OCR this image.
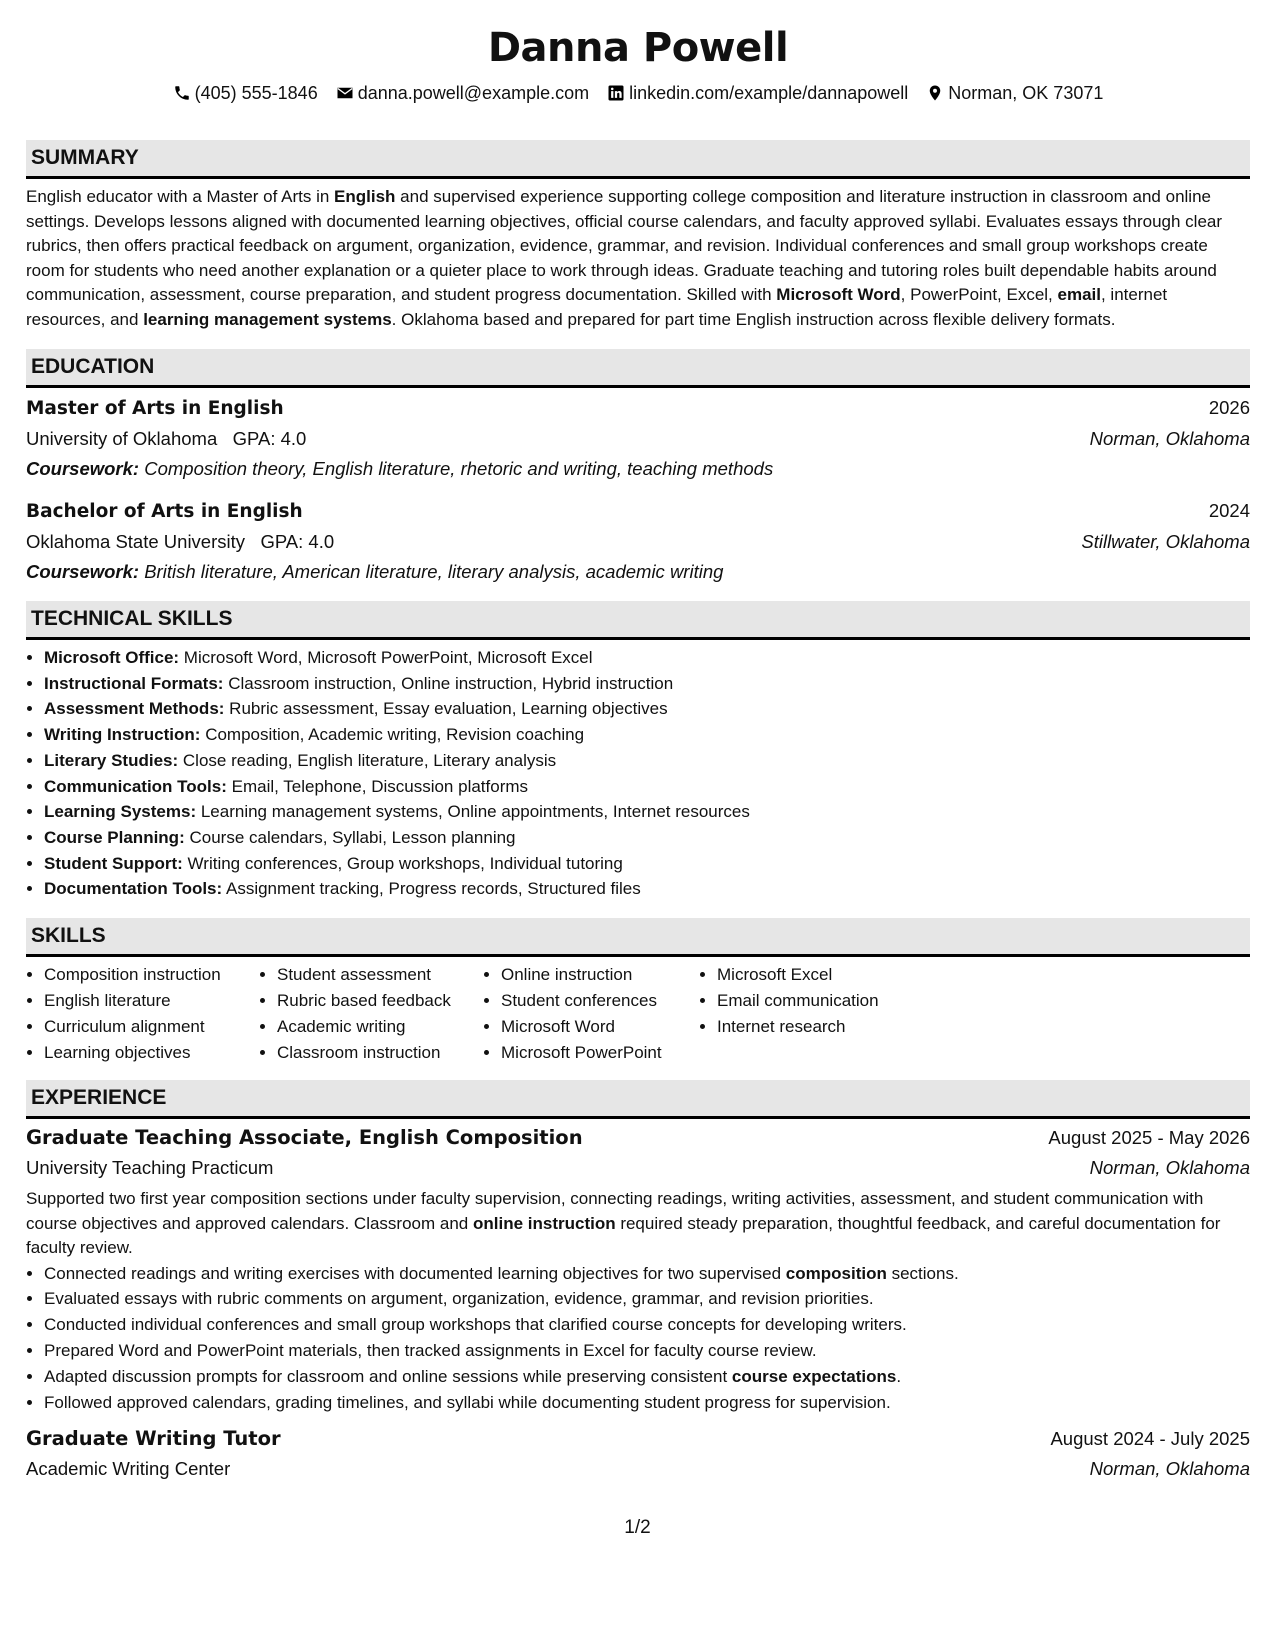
Danna Powell
(405) 555-1846 danna.powell@example.com linkedin.com/example/dannapowell Norman, OK 73071
SUMMARY

English educator with a Master of Arts in English and supervised experience supporting college composition and literature instruction in classroom and online settings. Develops lessons aligned with documented learning objectives, official course calendars, and faculty approved syllabi. Evaluates essays through clear rubrics, then offers practical feedback on argument, organization, evidence, grammar, and revision. Individual conferences and small group workshops create room for students who need another explanation or a quieter place to work through ideas. Graduate teaching and tutoring roles built dependable habits around communication, assessment, course preparation, and student progress documentation. Skilled with Microsoft Word, PowerPoint, Excel, email, internet resources, and learning management systems. Oklahoma based and prepared for part time English instruction across flexible delivery formats.

EDUCATION
Master of Arts in English	2026
University of Oklahoma GPA: 4.0	Norman, Oklahoma
Coursework: Composition theory, English literature, rhetoric and writing, teaching methods
Bachelor of Arts in English	2024
Oklahoma State University GPA: 4.0	Stillwater, Oklahoma
Coursework: British literature, American literature, literary analysis, academic writing
TECHNICAL SKILLS
• Microsoft Office: Microsoft Word, Microsoft PowerPoint, Microsoft Excel
• Instructional Formats: Classroom instruction, Online instruction, Hybrid instruction
• Assessment Methods: Rubric assessment, Essay evaluation, Learning objectives
• Writing Instruction: Composition, Academic writing, Revision coaching
• Literary Studies: Close reading, English literature, Literary analysis
• Communication Tools: Email, Telephone, Discussion platforms
• Learning Systems: Learning management systems, Online appointments, Internet resources
• Course Planning: Course calendars, Syllabi, Lesson planning
• Student Support: Writing conferences, Group workshops, Individual tutoring
• Documentation Tools: Assignment tracking, Progress records, Structured files
SKILLS
• Composition instruction
• English literature
• Curriculum alignment
• Learning objectives
• Student assessment
• Rubric based feedback
• Academic writing
• Classroom instruction
• Online instruction
• Student conferences
• Microsoft Word
• Microsoft PowerPoint
• Microsoft Excel
• Email communication
• Internet research
EXPERIENCE
Graduate Teaching Associate, English Composition	August 2025 - May 2026
University Teaching Practicum	Norman, Oklahoma

Supported two first year composition sections under faculty supervision, connecting readings, writing activities, assessment, and student communication with course objectives and approved calendars. Classroom and online instruction required steady preparation, thoughtful feedback, and careful documentation for faculty review.

• Connected readings and writing exercises with documented learning objectives for two supervised composition sections.
• Evaluated essays with rubric comments on argument, organization, evidence, grammar, and revision priorities.
• Conducted individual conferences and small group workshops that clarified course concepts for developing writers.
• Prepared Word and PowerPoint materials, then tracked assignments in Excel for faculty course review.
• Adapted discussion prompts for classroom and online sessions while preserving consistent course expectations.
• Followed approved calendars, grading timelines, and syllabi while documenting student progress for supervision.
Graduate Writing Tutor	August 2024 - July 2025
Academic Writing Center	Norman, Oklahoma
1/2
